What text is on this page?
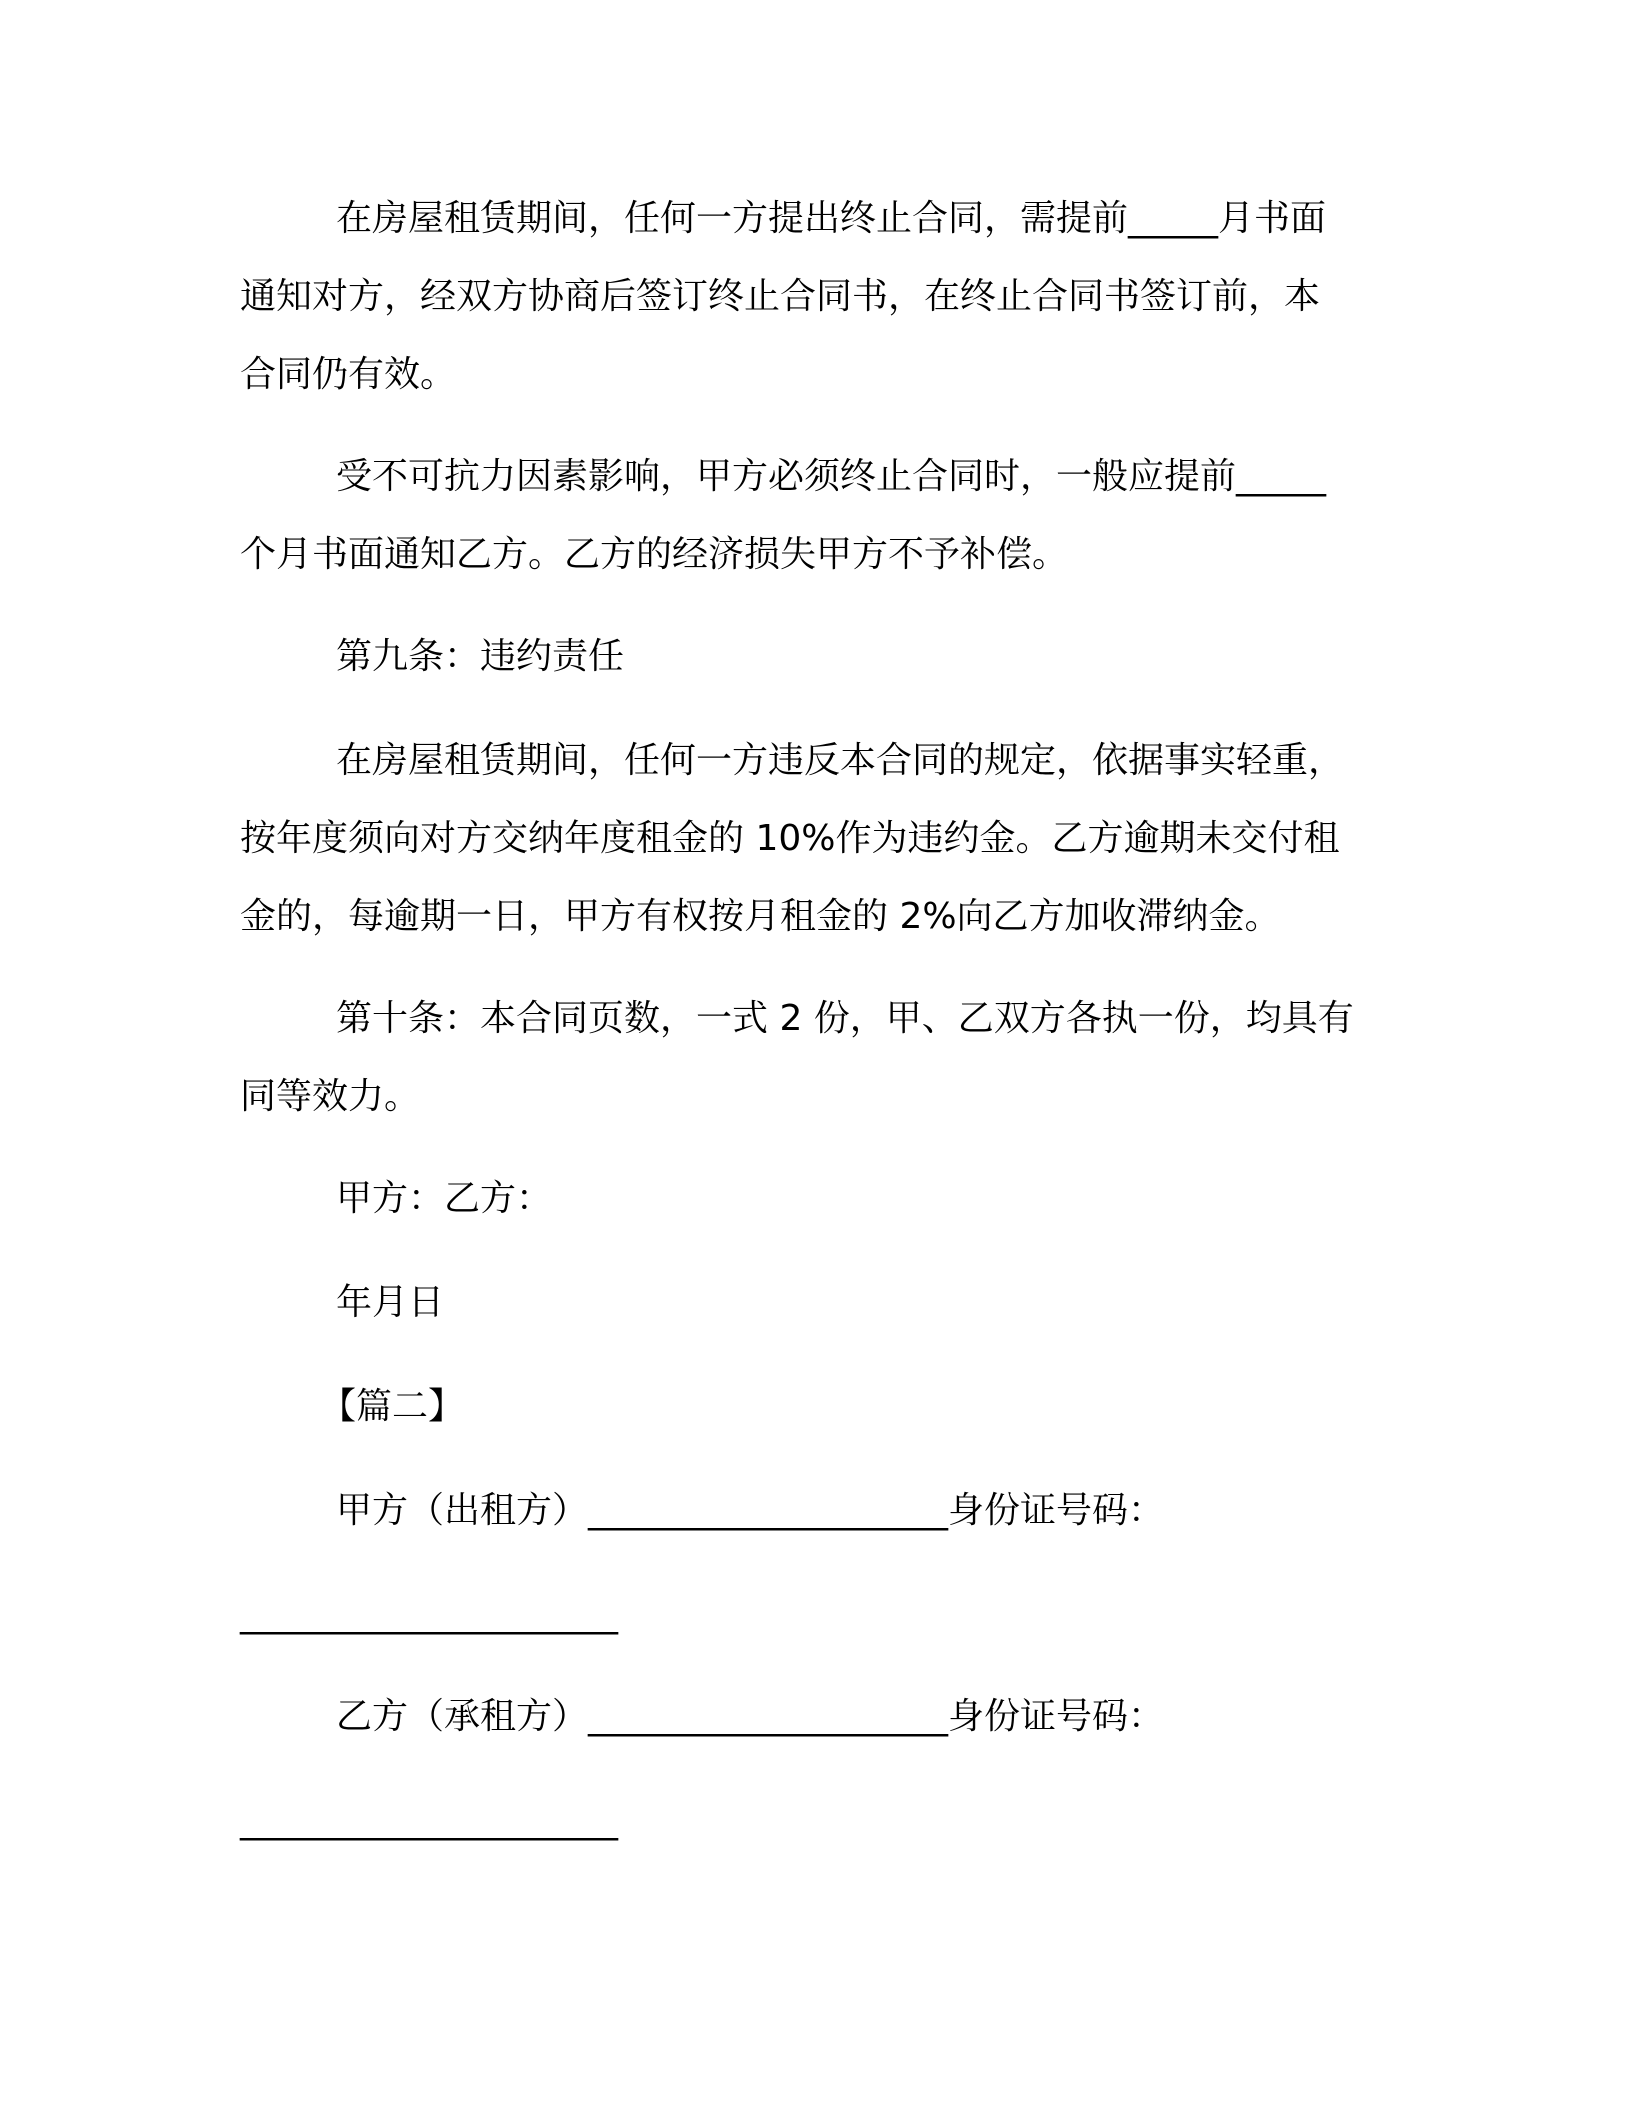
在房屋租赁期间，任何一方提出终止合同，需提前_____月书面
通知对方，经双方协商后签订终止合同书，在终止合同书签订前，本
合同仍有效。

受不可抗力因素影响，甲方必须终止合同时，一般应提前_____
个月书面通知乙方。乙方的经济损失甲方不予补偿。

第九条：违约责任

在房屋租赁期间，任何一方违反本合同的规定，依据事实轻重，
按年度须向对方交纳年度租金的 10%作为违约金。乙方逾期未交付租
金的，每逾期一日，甲方有权按月租金的 2%向乙方加收滞纳金。

第十条：本合同页数，一式 2 份，甲、乙双方各执一份，均具有
同等效力。

甲方：乙方：

年月日

【篇二】

甲方（出租方）____________________身份证号码：

_____________________

乙方（承租方）____________________身份证号码：

_____________________
